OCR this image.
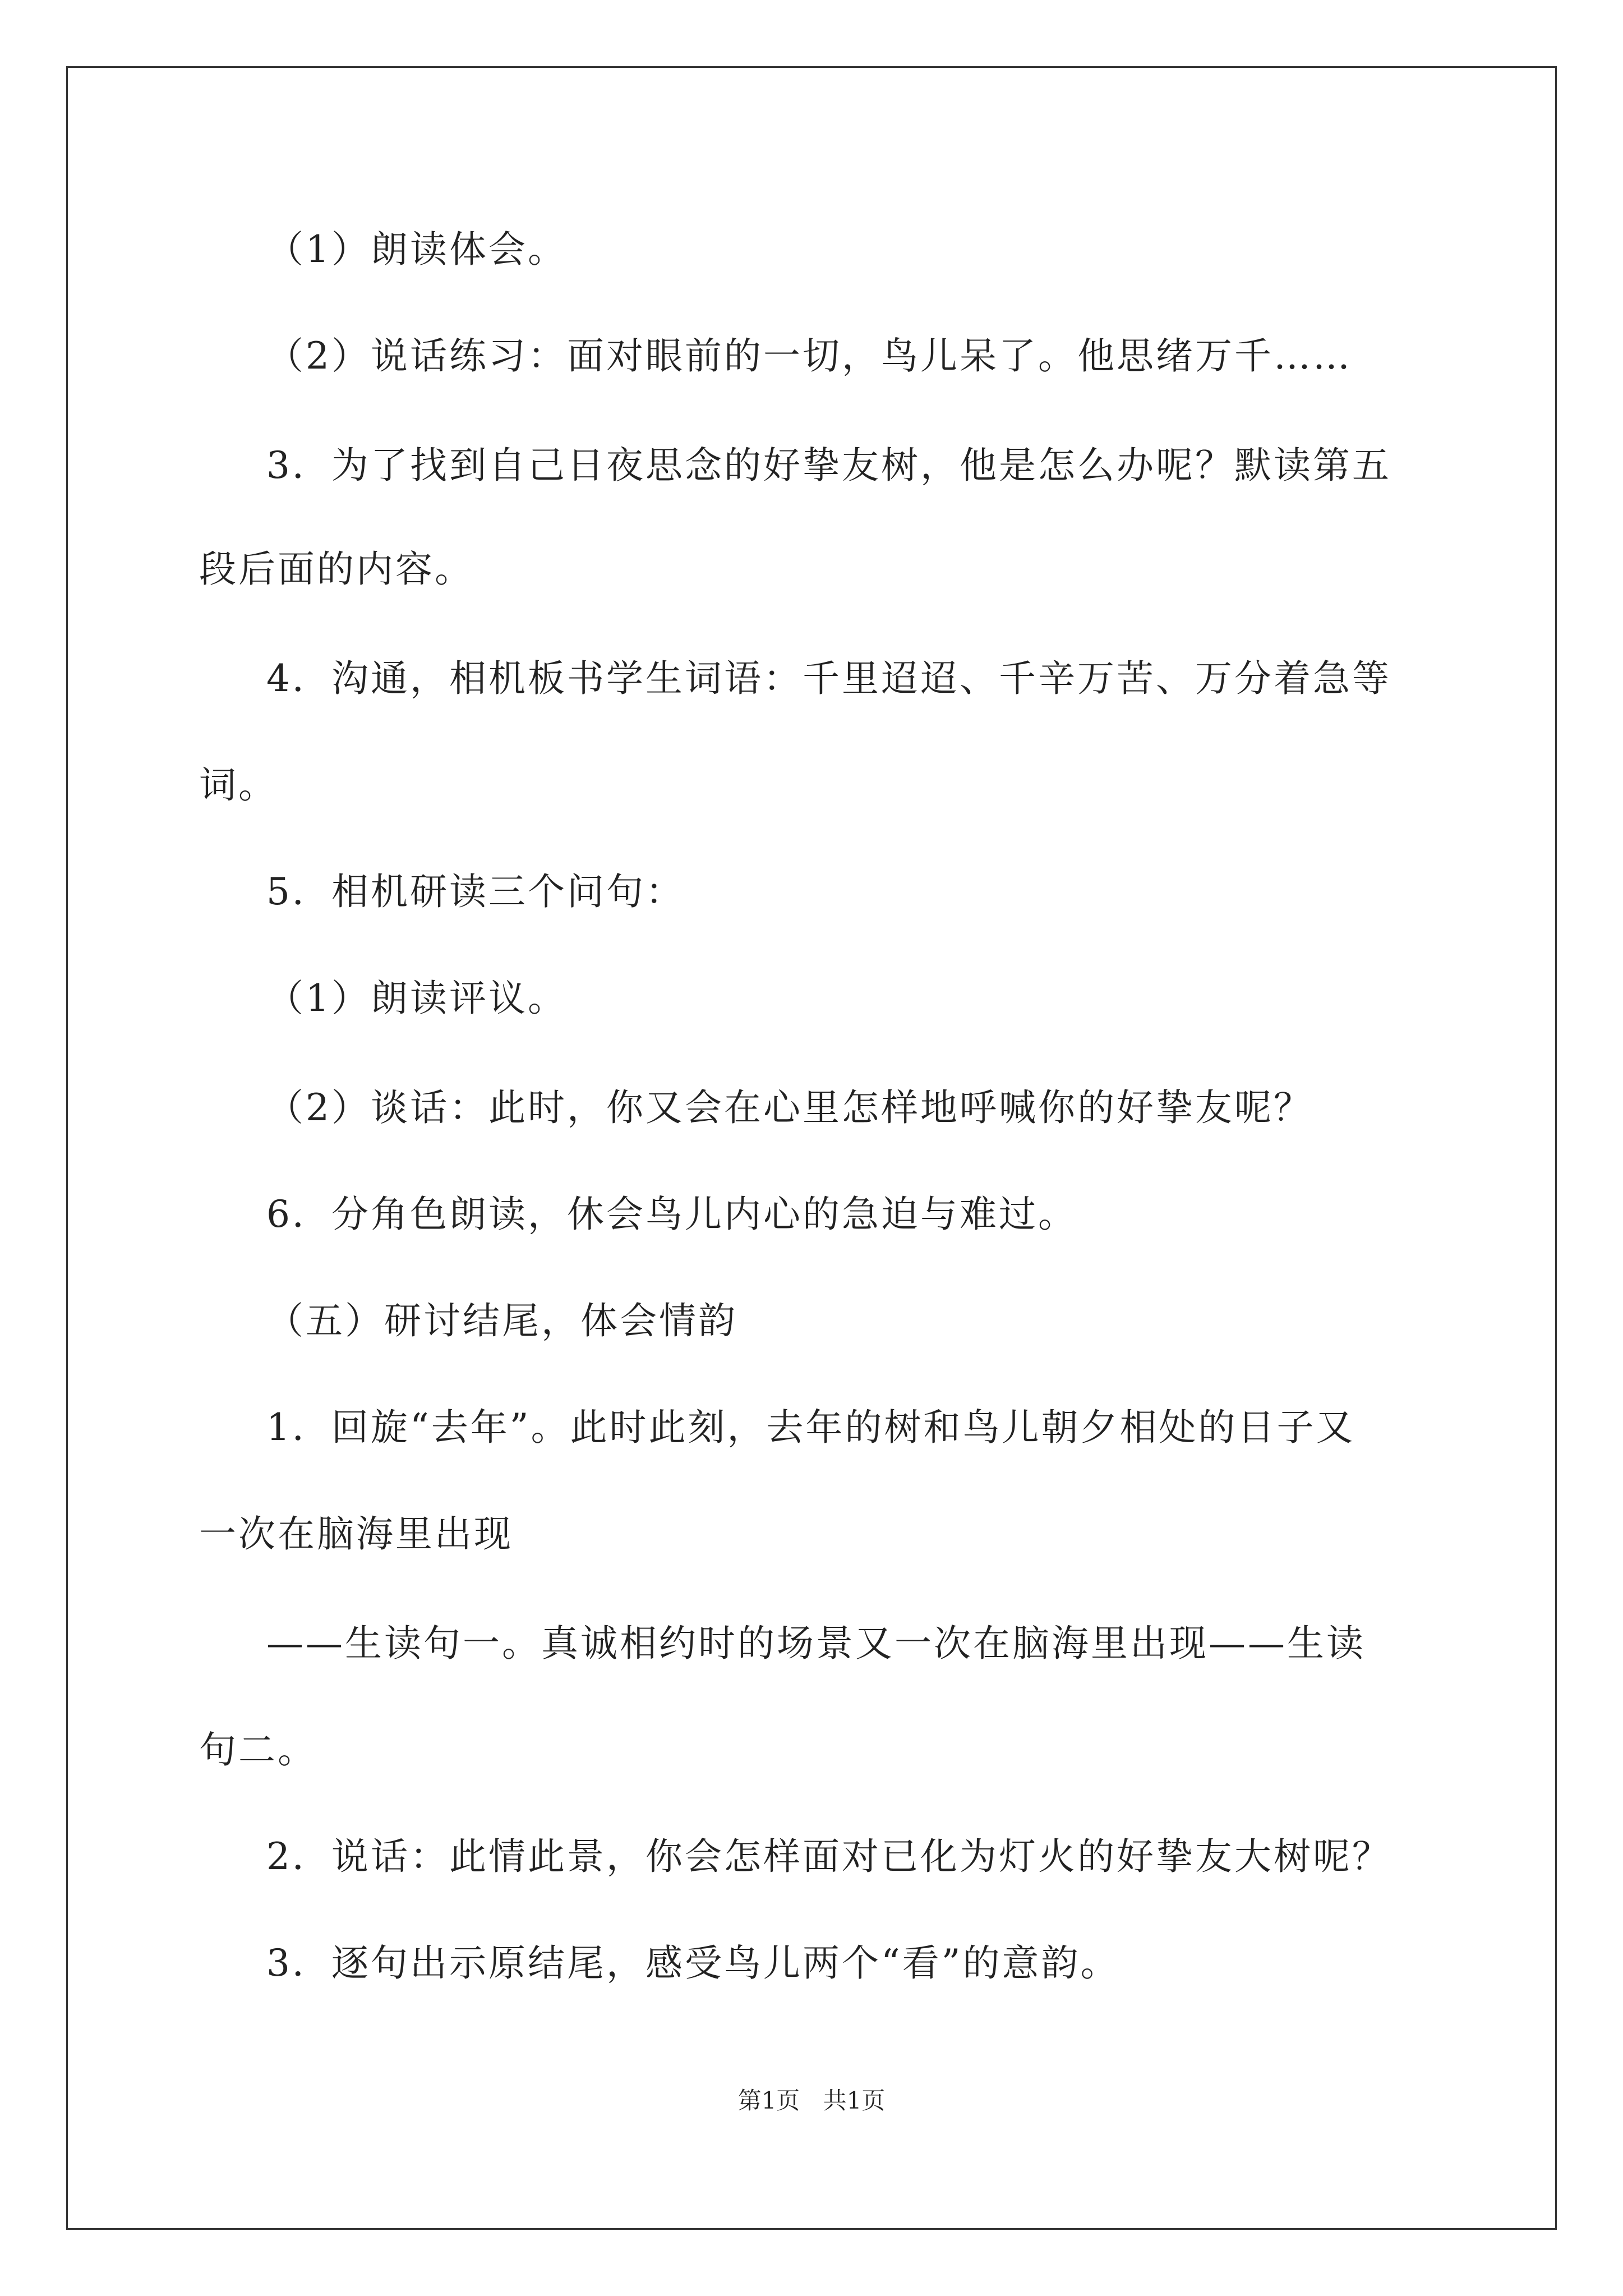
（1）朗读体会。
（2）说话练习：面对眼前的一切，鸟儿呆了。他思绪万千……
3．为了找到自己日夜思念的好挚友树，他是怎么办呢？默读第五
段后面的内容。
4．沟通，相机板书学生词语：千里迢迢、千辛万苦、万分着急等
词。
5．相机研读三个问句：
（1）朗读评议。
（2）谈话：此时，你又会在心里怎样地呼喊你的好挚友呢？
6．分角色朗读，休会鸟儿内心的急迫与难过。
（五）研讨结尾，体会情韵
1．回旋“去年”。此时此刻，去年的树和鸟儿朝夕相处的日子又
一次在脑海里出现
——生读句一。真诚相约时的场景又一次在脑海里出现——生读
句二。
2．说话：此情此景，你会怎样面对已化为灯火的好挚友大树呢？
3．逐句出示原结尾，感受鸟儿两个“看”的意韵。
第1页 共1页
